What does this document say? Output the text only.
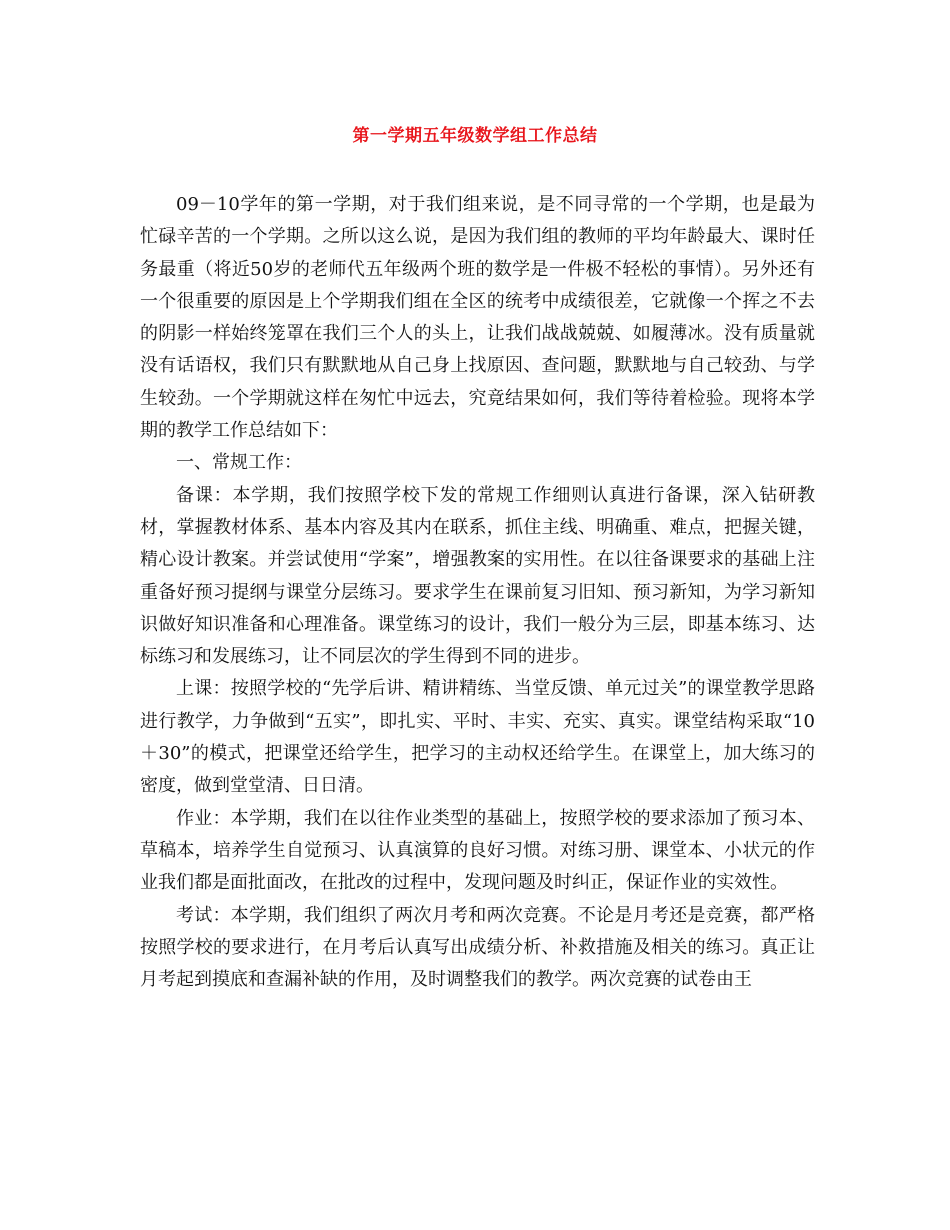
第一学期五年级数学组工作总结

09－10学年的第一学期，对于我们组来说，是不同寻常的一个学期，也是最为忙碌辛苦的一个学期。之所以这么说，是因为我们组的教师的平均年龄最大、课时任务最重（将近50岁的老师代五年级两个班的数学是一件极不轻松的事情）。另外还有一个很重要的原因是上个学期我们组在全区的统考中成绩很差，它就像一个挥之不去的阴影一样始终笼罩在我们三个人的头上，让我们战战兢兢、如履薄冰。没有质量就没有话语权，我们只有默默地从自己身上找原因、查问题，默默地与自己较劲、与学生较劲。一个学期就这样在匆忙中远去，究竟结果如何，我们等待着检验。现将本学期的教学工作总结如下：

一、常规工作：

备课：本学期，我们按照学校下发的常规工作细则认真进行备课，深入钻研教材，掌握教材体系、基本内容及其内在联系，抓住主线、明确重、难点，把握关键，精心设计教案。并尝试使用“学案”，增强教案的实用性。在以往备课要求的基础上注重备好预习提纲与课堂分层练习。要求学生在课前复习旧知、预习新知，为学习新知识做好知识准备和心理准备。课堂练习的设计，我们一般分为三层，即基本练习、达标练习和发展练习，让不同层次的学生得到不同的进步。

上课：按照学校的“先学后讲、精讲精练、当堂反馈、单元过关”的课堂教学思路进行教学，力争做到“五实”，即扎实、平时、丰实、充实、真实。课堂结构采取“10＋30”的模式，把课堂还给学生，把学习的主动权还给学生。在课堂上，加大练习的密度，做到堂堂清、日日清。

作业：本学期，我们在以往作业类型的基础上，按照学校的要求添加了预习本、草稿本，培养学生自觉预习、认真演算的良好习惯。对练习册、课堂本、小状元的作业我们都是面批面改，在批改的过程中，发现问题及时纠正，保证作业的实效性。

考试：本学期，我们组织了两次月考和两次竞赛。不论是月考还是竞赛，都严格按照学校的要求进行，在月考后认真写出成绩分析、补救措施及相关的练习。真正让月考起到摸底和查漏补缺的作用，及时调整我们的教学。两次竞赛的试卷由王
